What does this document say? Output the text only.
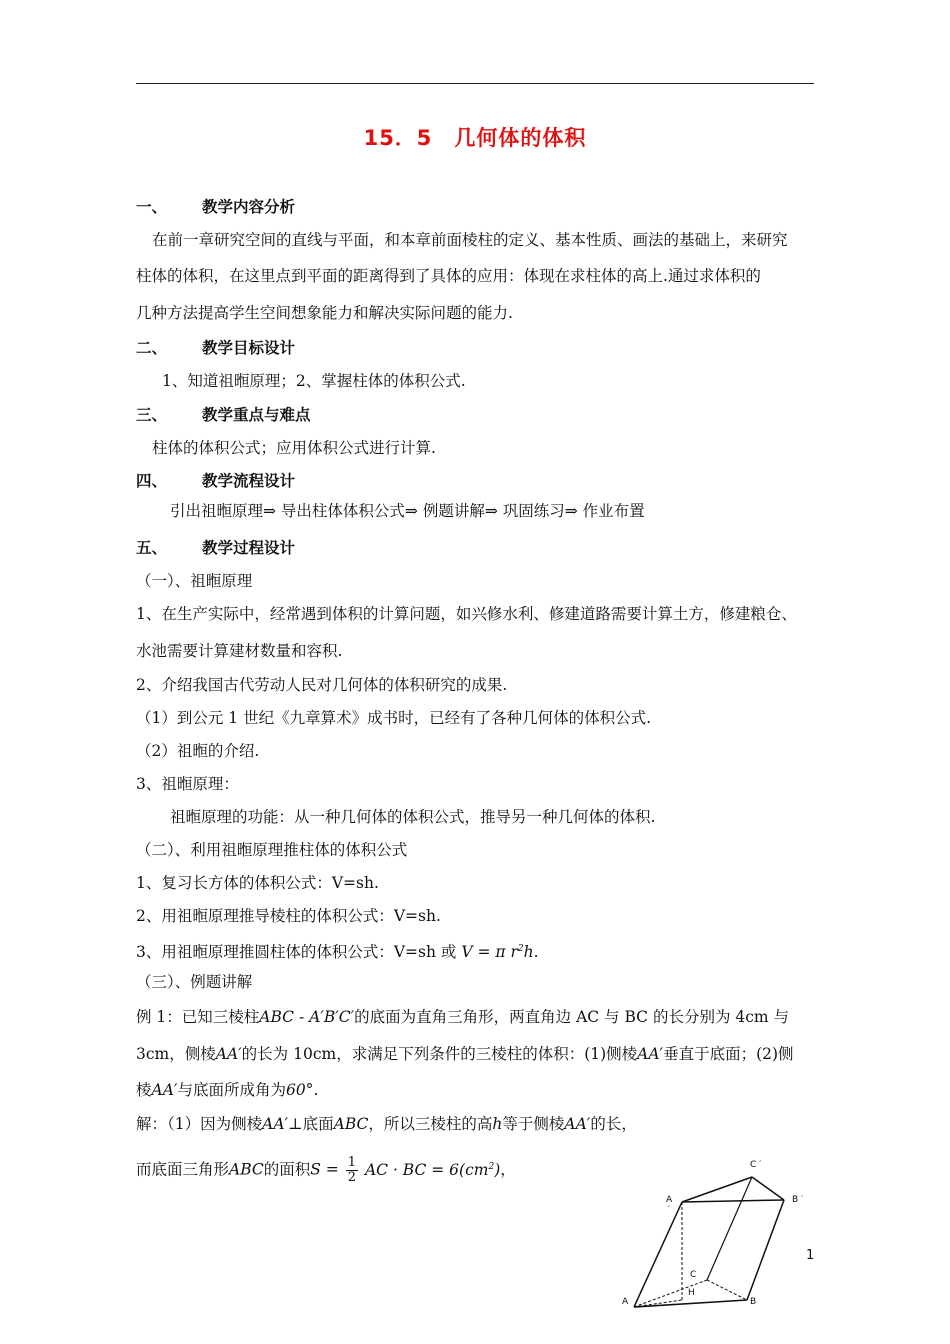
15．5　几何体的体积
一、 教学内容分析
在前一章研究空间的直线与平面，和本章前面棱柱的定义、基本性质、画法的基础上，来研究
柱体的体积，在这里点到平面的距离得到了具体的应用：体现在求柱体的高上.通过求体积的
几种方法提高学生空间想象能力和解决实际问题的能力.
二、 教学目标设计
1、知道祖暅原理；2、掌握柱体的体积公式.
三、 教学重点与难点
柱体的体积公式；应用体积公式进行计算.
四、 教学流程设计
引出祖暅原理⇒ 导出柱体体积公式⇒ 例题讲解⇒ 巩固练习⇒ 作业布置
五、 教学过程设计
（一）、祖暅原理
1、在生产实际中，经常遇到体积的计算问题，如兴修水利、修建道路需要计算土方，修建粮仓、
水池需要计算建材数量和容积.
2、介绍我国古代劳动人民对几何体的体积研究的成果.
（1）到公元 1 世纪《九章算术》成书时，已经有了各种几何体的体积公式.
（2）祖暅的介绍.
3、祖暅原理：
祖暅原理的功能：从一种几何体的体积公式，推导另一种几何体的体积.
（二）、利用祖暅原理推柱体的体积公式
1、复习长方体的体积公式：V=sh.
2、用祖暅原理推导棱柱的体积公式：V=sh.
3、用祖暅原理推圆柱体的体积公式：V=sh 或 V = π $r^2h$.
（三）、例题讲解
例 1：已知三棱柱ABC - A′B′C′的底面为直角三角形，两直角边 AC 与 BC 的长分别为 4cm 与
3cm，侧棱AA′的长为 10cm，求满足下列条件的三棱柱的体积：(1)侧棱AA′垂直于底面；(2)侧
棱AA′与底面所成角为60°.
解：（1）因为侧棱AA′⊥底面ABC，所以三棱柱的高h等于侧棱AA′的长，
而底面三角形ABC的面积$S = \frac{1}{2}$ AC · BC = $6(cm^2)$，
A	B
C
H
A
′
B ′
C ′
1
